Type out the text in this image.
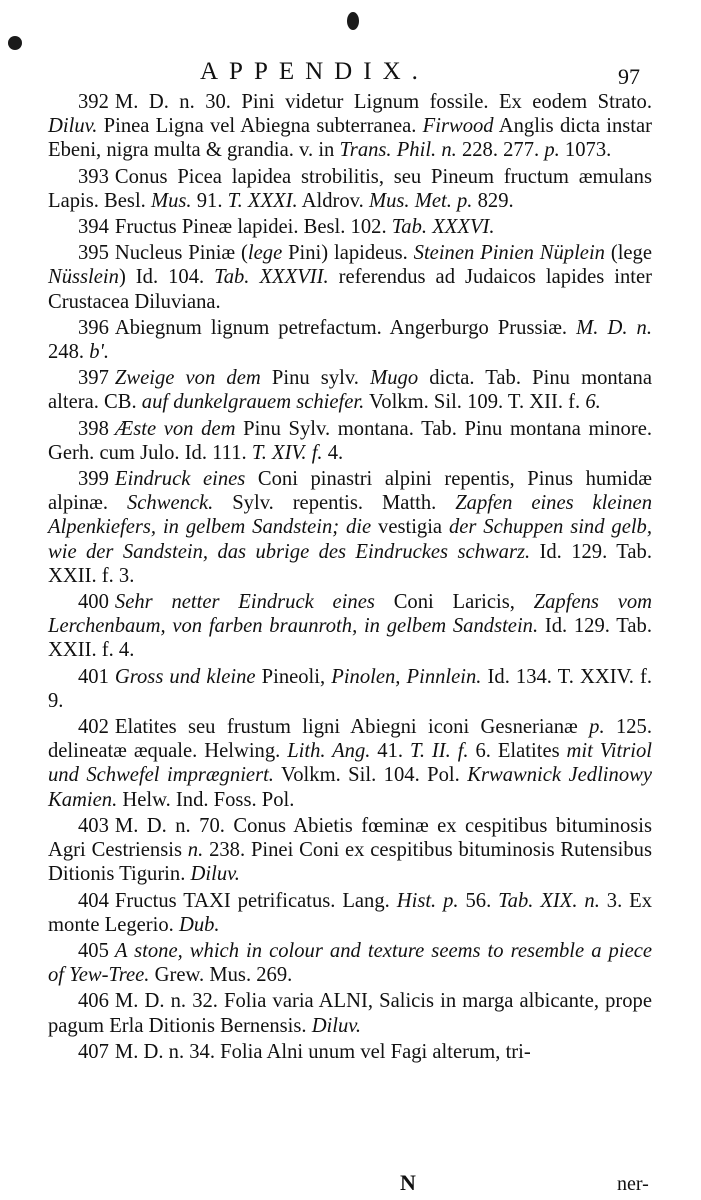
APPENDIX.	97

392 M. D. n. 30. Pini videtur Lignum fossile. Ex eodem Strato. Diluv. Pinea Ligna vel Abiegna subterranea. Firwood Anglis dicta instar Ebeni, nigra multa & grandia. v. in Trans. Phil. n. 228. 277. p. 1073.

393 Conus Picea lapidea strobilitis, seu Pineum fructum æmulans Lapis. Besl. Mus. 91. T. XXXI. Aldrov. Mus. Met. p. 829.

394 Fructus Pineæ lapidei. Besl. 102. Tab. XXXVI.

395 Nucleus Piniæ (lege Pini) lapideus. Steinen Pinien Nüplein (lege Nüsslein) Id. 104. Tab. XXXVII. referendus ad Judaicos lapides inter Crustacea Diluviana.

396 Abiegnum lignum petrefactum. Angerburgo Prussiæ. M. D. n. 248. b'.

397 Zweige von dem Pinu sylv. Mugo dicta. Tab. Pinu montana altera. CB. auf dunkelgrauem schiefer. Volkm. Sil. 109. T. XII. f. 6.

398 Æste von dem Pinu Sylv. montana. Tab. Pinu montana minore. Gerh. cum Julo. Id. 111. T. XIV. f. 4.

399 Eindruck eines Coni pinastri alpini repentis, Pinus humidæ alpinæ. Schwenck. Sylv. repentis. Matth. Zapfen eines kleinen Alpenkiefers, in gelbem Sandstein; die vestigia der Schuppen sind gelb, wie der Sandstein, das ubrige des Eindruckes schwarz. Id. 129. Tab. XXII. f. 3.

400 Sehr netter Eindruck eines Coni Laricis, Zapfens vom Lerchenbaum, von farben braunroth, in gelbem Sandstein. Id. 129. Tab. XXII. f. 4.

401 Gross und kleine Pineoli, Pinolen, Pinnlein. Id. 134. T. XXIV. f. 9.

402 Elatites seu frustum ligni Abiegni iconi Gesnerianæ p. 125. delineatæ æquale. Helwing. Lith. Ang. 41. T. II. f. 6. Elatites mit Vitriol und Schwefel imprægniert. Volkm. Sil. 104. Pol. Krwawnick Jedlinowy Kamien. Helw. Ind. Foss. Pol.

403 M. D. n. 70. Conus Abietis fœminæ ex cespitibus bituminosis Agri Cestriensis n. 238. Pinei Coni ex cespitibus bituminosis Rutensibus Ditionis Tigurin. Diluv.

404 Fructus TAXI petrificatus. Lang. Hist. p. 56. Tab. XIX. n. 3. Ex monte Legerio. Dub.

405 A stone, which in colour and texture seems to resemble a piece of Yew-Tree. Grew. Mus. 269.

406 M. D. n. 32. Folia varia ALNI, Salicis in marga albicante, prope pagum Erla Ditionis Bernensis. Diluv.

407 M. D. n. 34. Folia Alni unum vel Fagi alterum, tri-

N	ner-
